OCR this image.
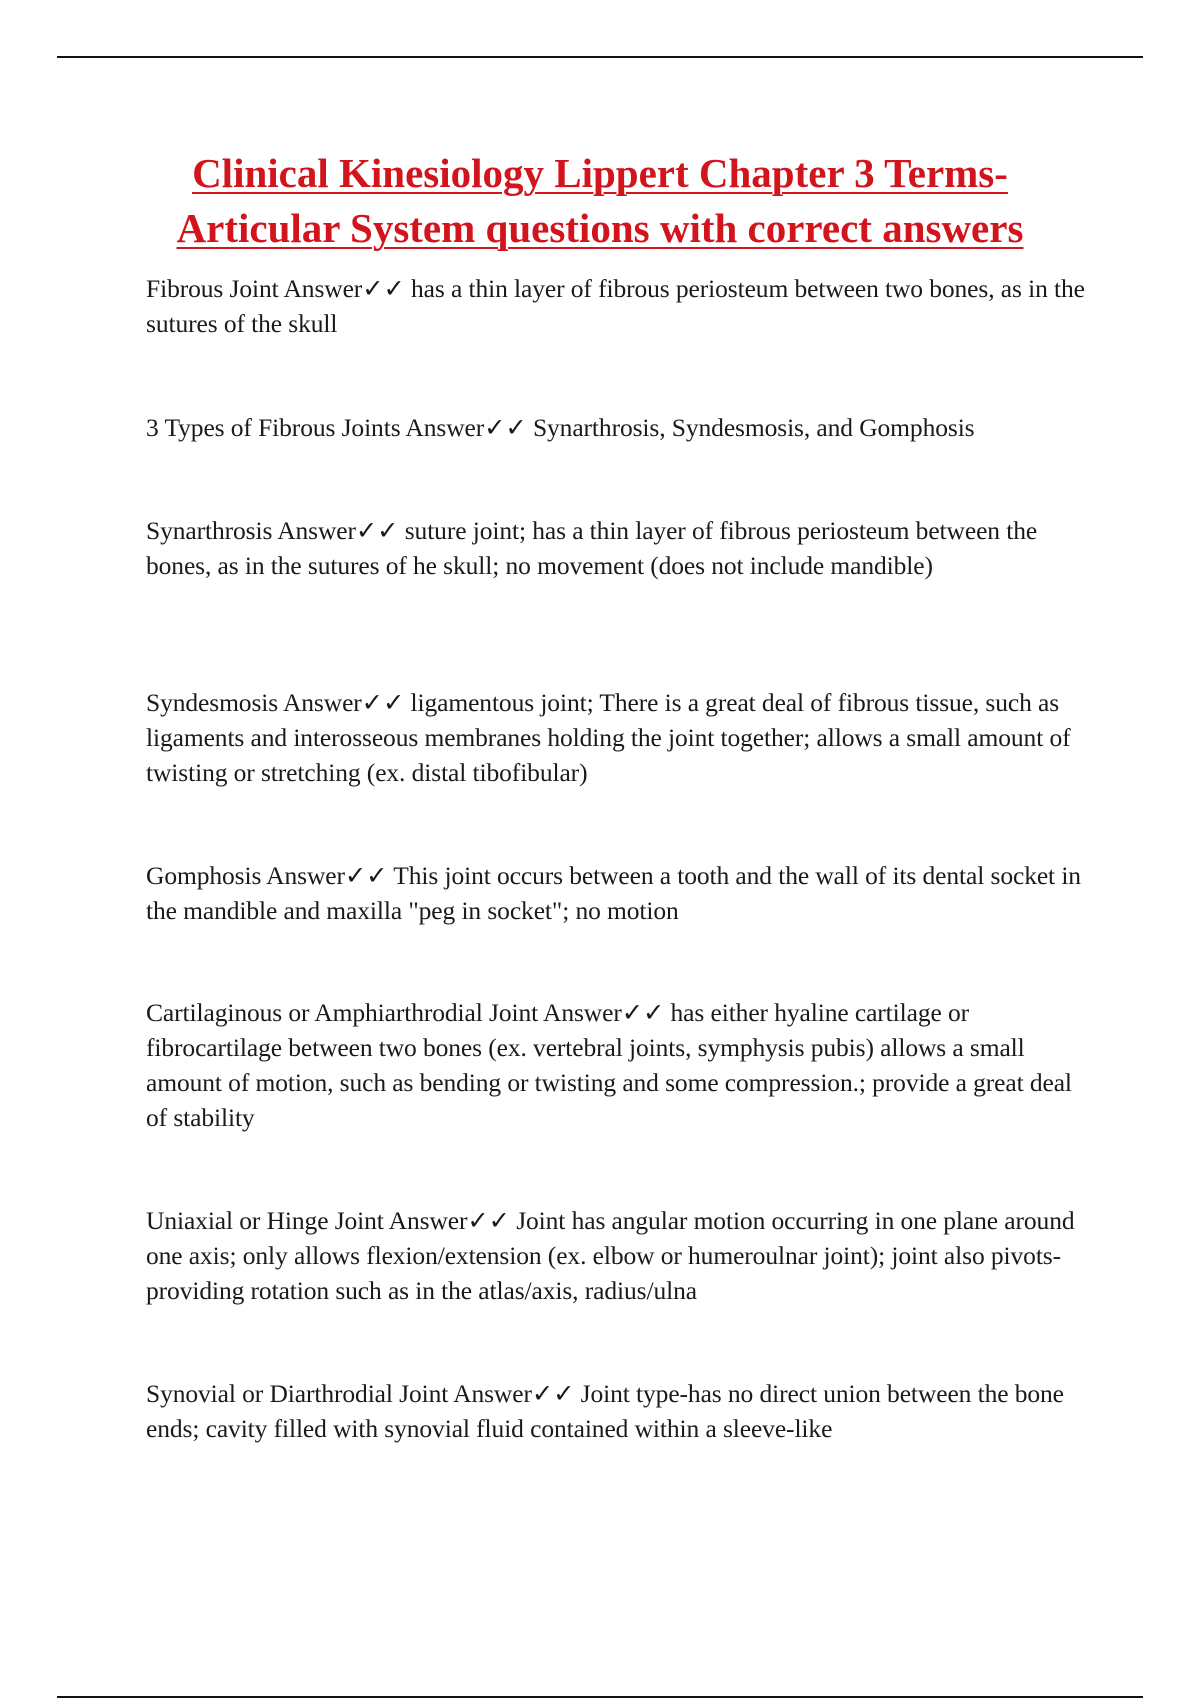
Clinical Kinesiology Lippert Chapter 3 Terms-
Articular System questions with correct answers

Fibrous Joint Answer✓✓ has a thin layer of fibrous periosteum between two bones, as in the sutures of the skull

3 Types of Fibrous Joints Answer✓✓ Synarthrosis, Syndesmosis, and Gomphosis

Synarthrosis Answer✓✓ suture joint; has a thin layer of fibrous periosteum between the bones, as in the sutures of he skull; no movement (does not include mandible)

Syndesmosis Answer✓✓ ligamentous joint; There is a great deal of fibrous tissue, such as ligaments and interosseous membranes holding the joint together; allows a small amount of twisting or stretching (ex. distal tibofibular)

Gomphosis Answer✓✓ This joint occurs between a tooth and the wall of its dental socket in the mandible and maxilla "peg in socket"; no motion

Cartilaginous or Amphiarthrodial Joint Answer✓✓ has either hyaline cartilage or fibrocartilage between two bones (ex. vertebral joints, symphysis pubis) allows a small amount of motion, such as bending or twisting and some compression.; provide a great deal of stability

Uniaxial or Hinge Joint Answer✓✓ Joint has angular motion occurring in one plane around one axis; only allows flexion/extension (ex. elbow or humeroulnar joint); joint also pivots-providing rotation such as in the atlas/axis, radius/ulna

Synovial or Diarthrodial Joint Answer✓✓ Joint type-has no direct union between the bone ends; cavity filled with synovial fluid contained within a sleeve-like
